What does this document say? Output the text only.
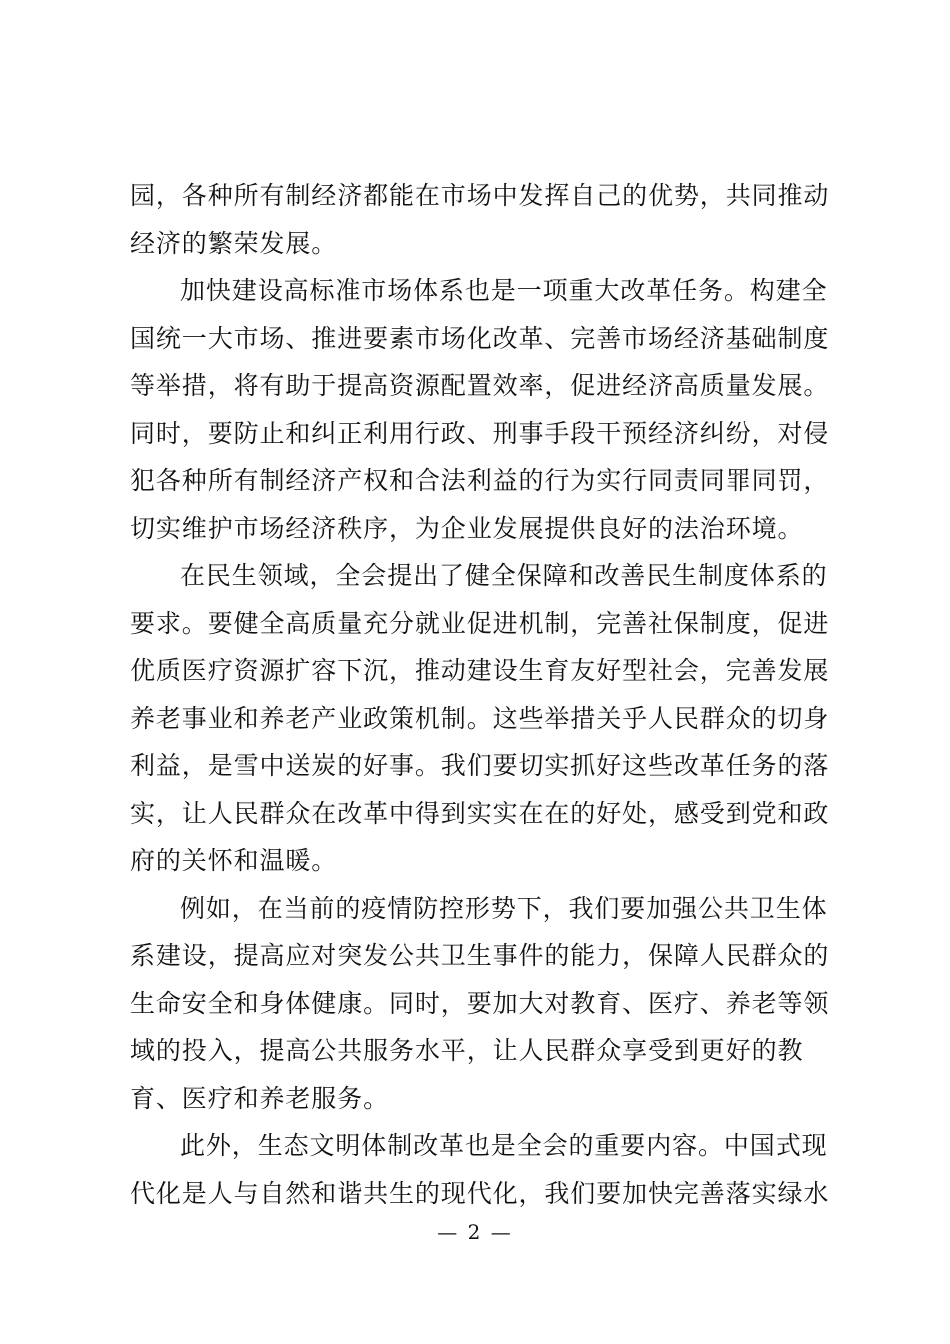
园，各种所有制经济都能在市场中发挥自己的优势，共同推动
经济的繁荣发展。
加快建设高标准市场体系也是一项重大改革任务。构建全
国统一大市场、推进要素市场化改革、完善市场经济基础制度
等举措，将有助于提高资源配置效率，促进经济高质量发展。
同时，要防止和纠正利用行政、刑事手段干预经济纠纷，对侵
犯各种所有制经济产权和合法利益的行为实行同责同罪同罚，
切实维护市场经济秩序，为企业发展提供良好的法治环境。
在民生领域，全会提出了健全保障和改善民生制度体系的
要求。要健全高质量充分就业促进机制，完善社保制度，促进
优质医疗资源扩容下沉，推动建设生育友好型社会，完善发展
养老事业和养老产业政策机制。这些举措关乎人民群众的切身
利益，是雪中送炭的好事。我们要切实抓好这些改革任务的落
实，让人民群众在改革中得到实实在在的好处，感受到党和政
府的关怀和温暖。
例如，在当前的疫情防控形势下，我们要加强公共卫生体
系建设，提高应对突发公共卫生事件的能力，保障人民群众的
生命安全和身体健康。同时，要加大对教育、医疗、养老等领
域的投入，提高公共服务水平，让人民群众享受到更好的教
育、医疗和养老服务。
此外，生态文明体制改革也是全会的重要内容。中国式现
代化是人与自然和谐共生的现代化，我们要加快完善落实绿水
— 2 —
